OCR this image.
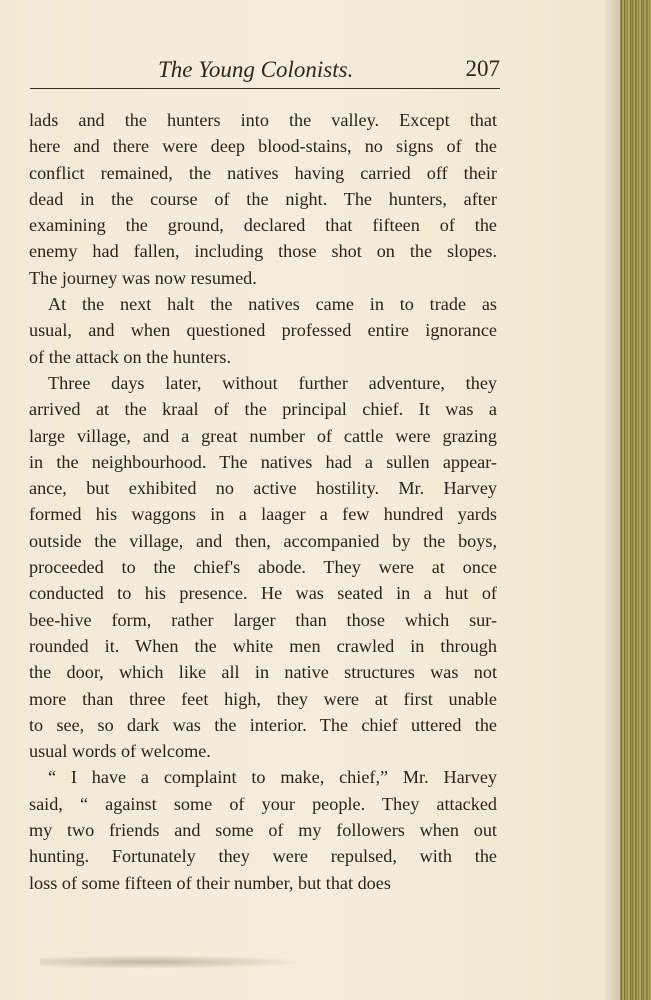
The Young Colonists.	207

lads and the hunters into the valley. Except that
here and there were deep blood-stains, no signs of the
conflict remained, the natives having carried off their
dead in the course of the night. The hunters, after
examining the ground, declared that fifteen of the
enemy had fallen, including those shot on the slopes.
The journey was now resumed.

At the next halt the natives came in to trade as
usual, and when questioned professed entire ignorance
of the attack on the hunters.

Three days later, without further adventure, they
arrived at the kraal of the principal chief. It was a
large village, and a great number of cattle were grazing
in the neighbourhood. The natives had a sullen appear-
ance, but exhibited no active hostility. Mr. Harvey
formed his waggons in a laager a few hundred yards
outside the village, and then, accompanied by the boys,
proceeded to the chief's abode. They were at once
conducted to his presence. He was seated in a hut of
bee-hive form, rather larger than those which sur-
rounded it. When the white men crawled in through
the door, which like all in native structures was not
more than three feet high, they were at first unable
to see, so dark was the interior. The chief uttered the
usual words of welcome.

“ I have a complaint to make, chief,” Mr. Harvey
said, “ against some of your people. They attacked
my two friends and some of my followers when out
hunting. Fortunately they were repulsed, with the
loss of some fifteen of their number, but that does
